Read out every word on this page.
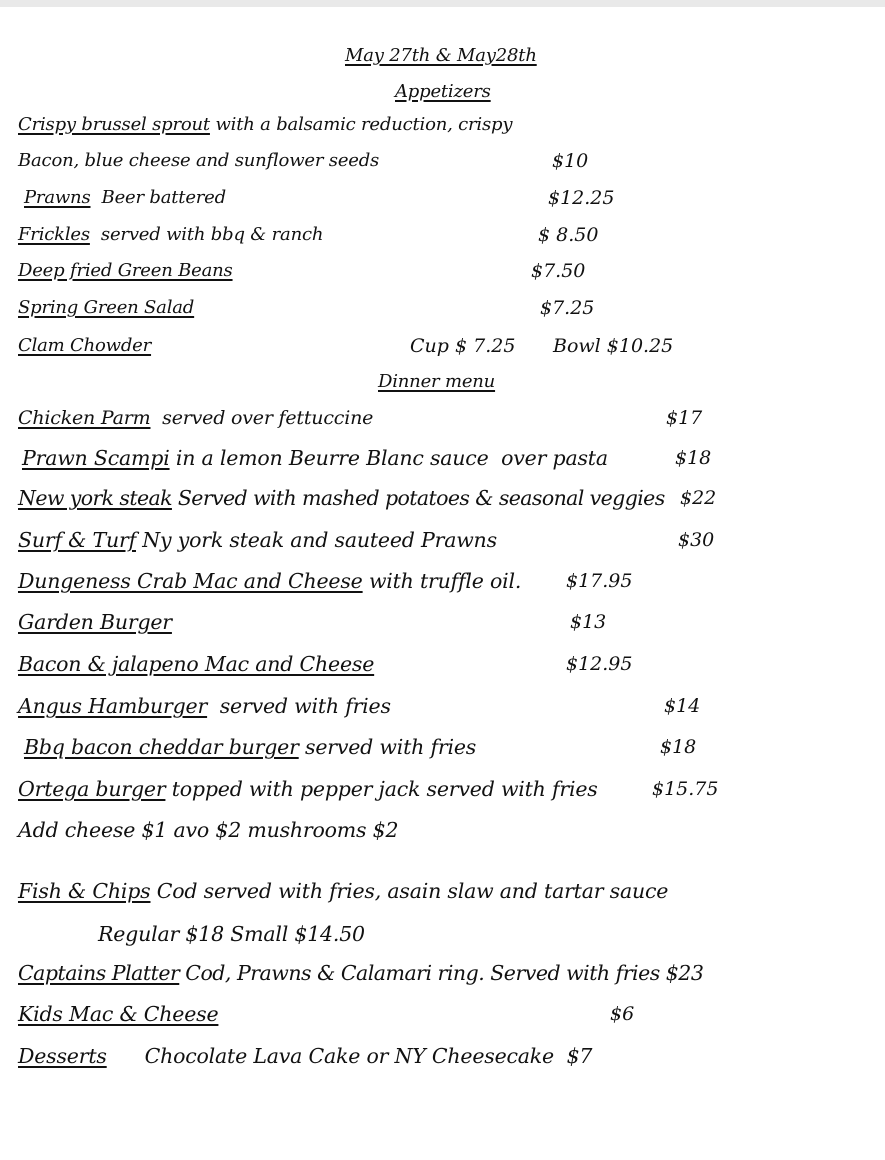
May 27th & May28th
Appetizers
Crispy brussel sprout with a balsamic reduction, crispy
Bacon, blue cheese and sunflower seeds	$10
Prawns  Beer battered	$12.25
Frickles  served with bbq & ranch	$ 8.50
Deep fried Green Beans	$7.50
Spring Green Salad	$7.25
Clam Chowder	Cup $ 7.25 Bowl $10.25
Dinner menu
Chicken Parm  served over fettuccine	$17
Prawn Scampi in a lemon Beurre Blanc sauce  over pasta	$18
New york steak Served with mashed potatoes & seasonal veggies $22
Surf & Turf Ny york steak and sauteed Prawns	$30
Dungeness Crab Mac and Cheese with truffle oil. $17.95
Garden Burger	$13
Bacon & jalapeno Mac and Cheese	$12.95
Angus Hamburger  served with fries	$14
Bbq bacon cheddar burger served with fries	$18
Ortega burger topped with pepper jack served with fries	$15.75
Add cheese $1 avo $2 mushrooms $2
Fish & Chips Cod served with fries, asain slaw and tartar sauce
Regular $18 Small $14.50
Captains Platter Cod, Prawns & Calamari ring. Served with fries $23
Kids Mac & Cheese	$6
Desserts      Chocolate Lava Cake or NY Cheesecake  $7
